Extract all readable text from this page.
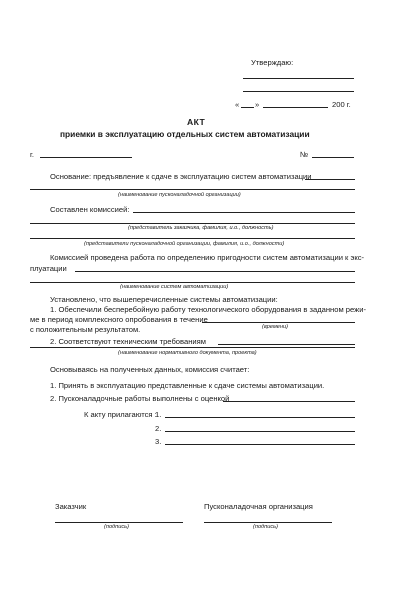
Утверждаю:
« »	200 г.
АКТ
приемки в эксплуатацию отдельных систем автоматизации
г.	№
Основание: предъявление к сдаче в эксплуатацию систем автоматизации
(наименование пусконаладочной организации)
Составлен комиссией:
(представитель заказчика, фамилия, и.о., должность)
(представители пусконаладочной организации, фамилия, и.о., должности)
Комиссией проведена работа по определению пригодности систем автоматизации к экс-
плуатации
(наименование систем автоматизации)
Установлено, что вышеперечисленные системы автоматизации:
1. Обеспечили бесперебойную работу технологического оборудования в заданном режи-
ме в период комплексного опробования в течение
(времени)
с положительным результатом.
2. Соответствуют техническим требованиям
(наименование нормативного документа, проекта)
Основываясь на полученных данных, комиссия считает:
1. Принять в эксплуатацию представленные к сдаче системы автоматизации.
2. Пусконаладочные работы выполнены с оценкой
К акту прилагаются :
1.
2.
3.
Заказчик	Пусконаладочная организация
(подпись)	(подпись)
